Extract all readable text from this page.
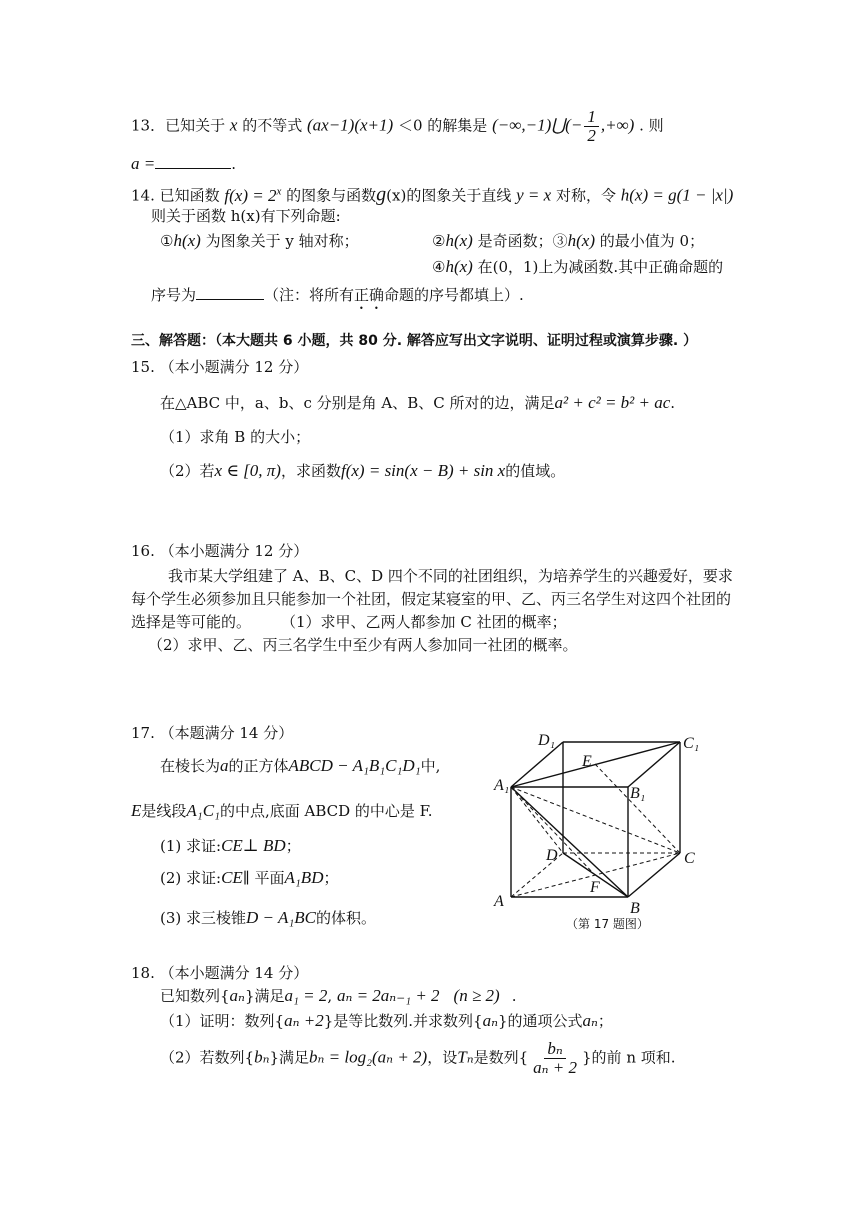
13．已知关于 x 的不等式 (ax−1)(x+1) ＜0 的解集是 (−∞,−1)⋃(− $\frac{1}{2}$ ,+∞) . 则
a =	.
14. 已知函数 $f(x) = 2^x$ 的图象与函数g(x)的图象关于直线 y = x 对称，令 h(x) = g(1 − |x|)
则关于函数 h(x)有下列命题:
①h(x) 为图象关于 y 轴对称；	②h(x) 是奇函数；③h(x) 的最小值为 0；
④h(x) 在(0，1)上为减函数.其中正确命题的
序号为	（注：将所有正确命题的序号都填上）.
三、解答题：（本大题共 6 小题，共 80 分. 解答应写出文字说明、证明过程或演算步骤. ）
15. （本小题满分 12 分）
在△ABC 中，a、b、c 分别是角 A、B、C 所对的边，满足a² + c² = b² + ac.
（1）求角 B 的大小；
（2）若x ∈ [0, π)，求函数f(x) = sin(x − B) + sin x的值域。
16. （本小题满分 12 分）
我市某大学组建了 A、B、C、D 四个不同的社团组织，为培养学生的兴趣爱好，要求
每个学生必须参加且只能参加一个社团，假定某寝室的甲、乙、丙三名学生对这四个社团的
选择是等可能的。 （1）求甲、乙两人都参加 C 社团的概率；
（2）求甲、乙、丙三名学生中至少有两人参加同一社团的概率。
17. （本题满分 14 分）
在棱长为a的正方体ABCD − A₁B₁C₁D₁中,
E是线段A₁C₁的中点,底面 ABCD 的中心是 F.
(1) 求证:CE⊥ BD；
(2) 求证:CE∥ 平面A₁BD；
(3) 求三棱锥D − A₁BC的体积。
D₁	C₁
E
A₁	B₁
D	C
F
A	B
（第 17 题图）
18. （本小题满分 14 分）
已知数列{aₙ}满足a₁ = 2, aₙ = 2aₙ₋₁ + 2 (n ≥ 2) .
（1）证明：数列{aₙ +2}是等比数列.并求数列{aₙ}的通项公式aₙ；
（2）若数列{bₙ}满足bₙ = log₂(aₙ + 2)，设Tₙ是数列{ $\frac{\text{bₙ}}{\text{aₙ + 2}}$ }的前 n 项和.
